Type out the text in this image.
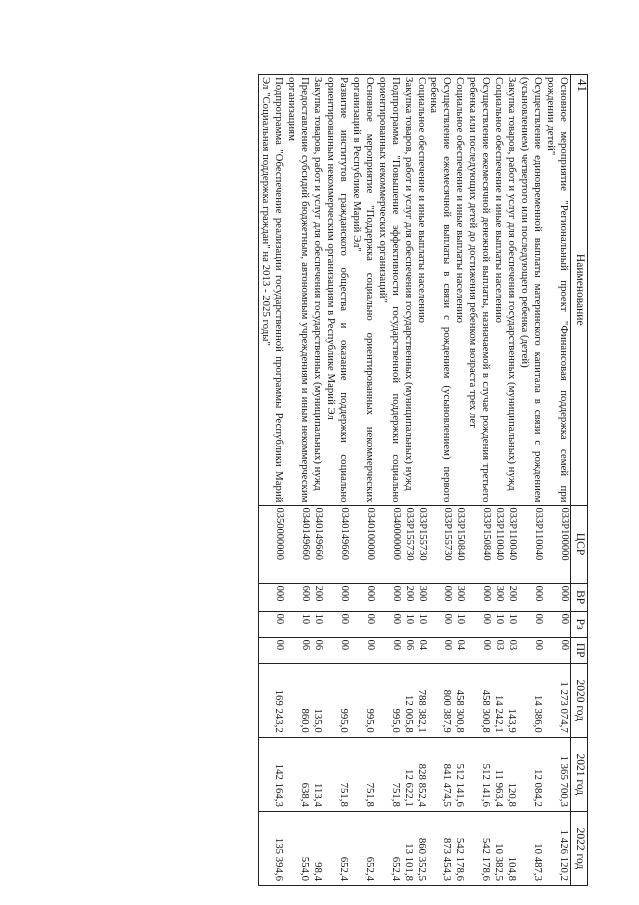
41
Наименование	ЦСР	ВР	Рз	ПР	2020 год	2021 год	2022 год
Основное мероприятие "Региональный проект "Финансовая поддержка семей при рождении детей"	033P100000	000	00	00	1 273 074,7	1 365 700,3	1 426 120,2
Осуществление единовременной выплаты материнского капитала в связи с рождением (усыновлением) четвертого или последующего ребенка (детей)	033P110040	000	00	00	14 386,0	12 084,2	10 487,3
Закупка товаров, работ и услуг для обеспечения государственных (муниципальных) нужд	033P110040	200	10	03	143,9	120,8	104,8
Социальное обеспечение и иные выплаты населению	033P110040	300	10	03	14 242,1	11 963,4	10 382,5
Осуществление ежемесячной денежной выплаты, назначаемой в случае рождения третьего ребенка или последующих детей до достижения ребенком возраста трех лет	033P150840	000	00	00	458 300,8	512 141,6	542 178,6
Социальное обеспечение и иные выплаты населению	033P150840	300	10	04	458 300,8	512 141,6	542 178,6
Осуществление ежемесячной выплаты в связи с рождением (усыновлением) первого ребенка	033P155730	000	00	00	800 387,9	841 474,5	873 454,3
Социальное обеспечение и иные выплаты населению	033P155730	300	10	04	788 382,1	828 852,4	860 352,5
Закупка товаров, работ и услуг для обеспечения государственных (муниципальных) нужд	033P155730	200	10	06	12 005,8	12 622,1	13 101,8
Подпрограмма "Повышение эффективности государственной поддержки социально ориентированных некоммерческих организаций"	0340000000	000	00	00	995,0	751,8	652,4
Основное мероприятие "Поддержка социально ориентированных некоммерческих организаций в Республике Марий Эл"	0340100000	000	00	00	995,0	751,8	652,4
Развитие институтов гражданского общества и оказание поддержки социально ориентированным некоммерческим организациям в Республике Марий Эл	0340149660	000	00	00	995,0	751,8	652,4
Закупка товаров, работ и услуг для обеспечения государственных (муниципальных) нужд	0340149660	200	10	06	135,0	113,4	98,4
Предоставление субсидий бюджетным, автономным учреждениям и иным некоммерческим организациям	0340149660	600	10	06	860,0	638,4	554,0
Подпрограмма "Обеспечение реализации государственной программы Республики Марий Эл "Социальная поддержка граждан" на 2013 - 2025 годы"	0350000000	000	00	00	169 243,2	142 164,3	135 394,6
